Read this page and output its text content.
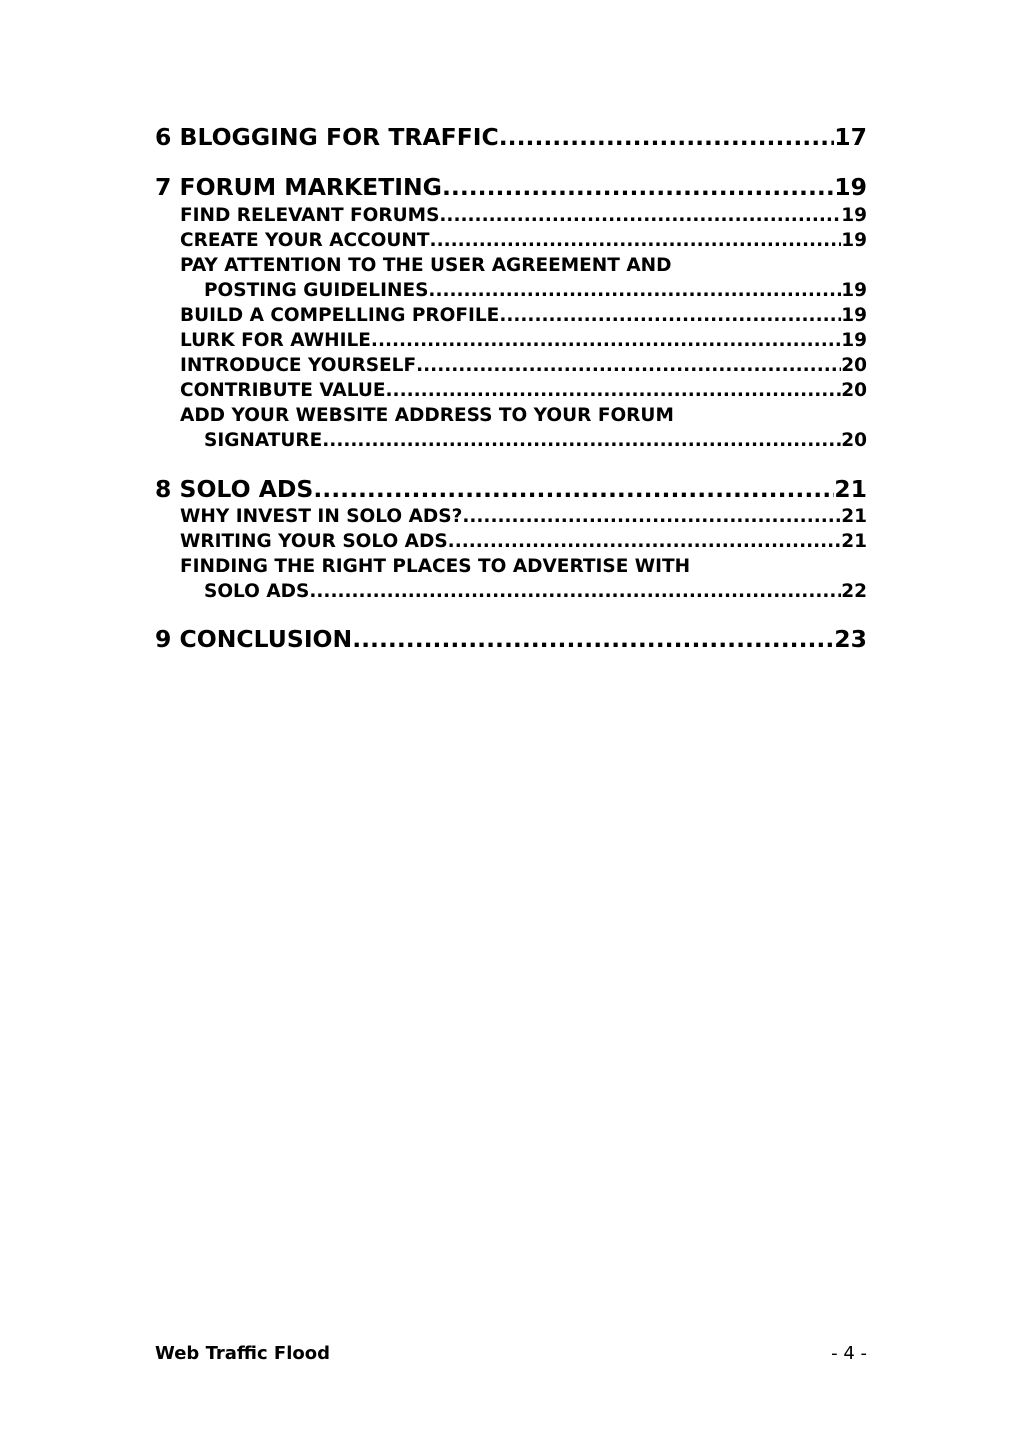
6 BLOGGING FOR TRAFFIC .....	17
7 FORUM MARKETING .....	19
FIND RELEVANT FORUMS .....	19
CREATE YOUR ACCOUNT .....	19
PAY ATTENTION TO THE USER AGREEMENT AND
POSTING GUIDELINES .....	19
BUILD A COMPELLING PROFILE .....	19
LURK FOR AWHILE .....	19
INTRODUCE YOURSELF .....	20
CONTRIBUTE VALUE .....	20
ADD YOUR WEBSITE ADDRESS TO YOUR FORUM
SIGNATURE .....	20
8 SOLO ADS .....	21
WHY INVEST IN SOLO ADS? .....	21
WRITING YOUR SOLO ADS .....	21
FINDING THE RIGHT PLACES TO ADVERTISE WITH
SOLO ADS .....	22
9 CONCLUSION .....	23
Web Traffic Flood	- 4 -
